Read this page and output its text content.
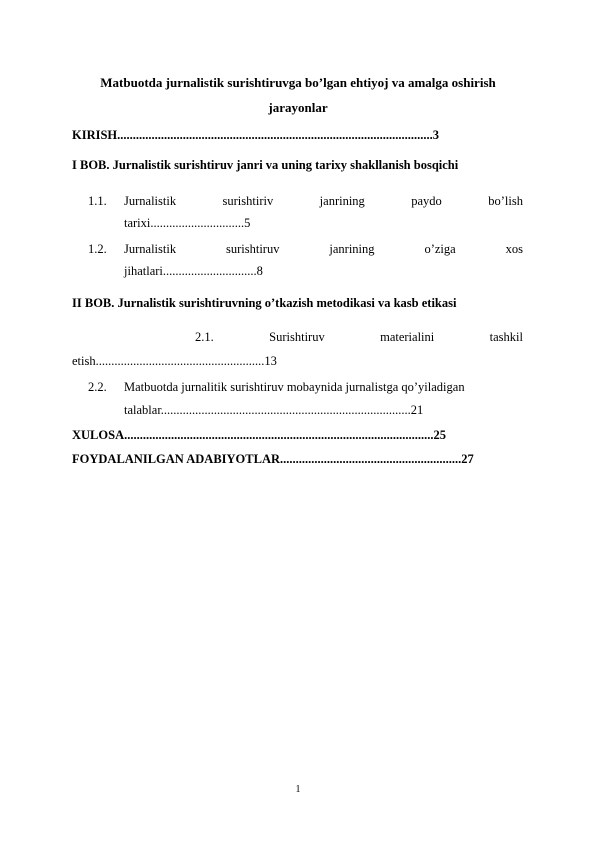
Matbuotda jurnalistik surishtiruvga bo’lgan ehtiyoj va amalga oshirish jarayonlar
KIRISH.....................................................................................................3
I BOB. Jurnalistik surishtiruv janri va uning tarixy shakllanish bosqichi
1.1. Jurnalistik	surishtiriv	janrining	paydo	bo’lish
tarixi..............................5
1.2. Jurnalistik	surishtiruv	janrining	o’ziga	xos
jihatlari..............................8
II BOB. Jurnalistik surishtiruvning o’tkazish metodikasi va kasb etikasi
2.1.	Surishtiruv	materialini	tashkil
etish......................................................13
2.2. Matbuotda jurnalitik surishtiruv mobaynida jurnalistga qo’yiladigan
talablar................................................................................21
XULOSA...................................................................................................25
FOYDALANILGAN ADABIYOTLAR..........................................................27
1
